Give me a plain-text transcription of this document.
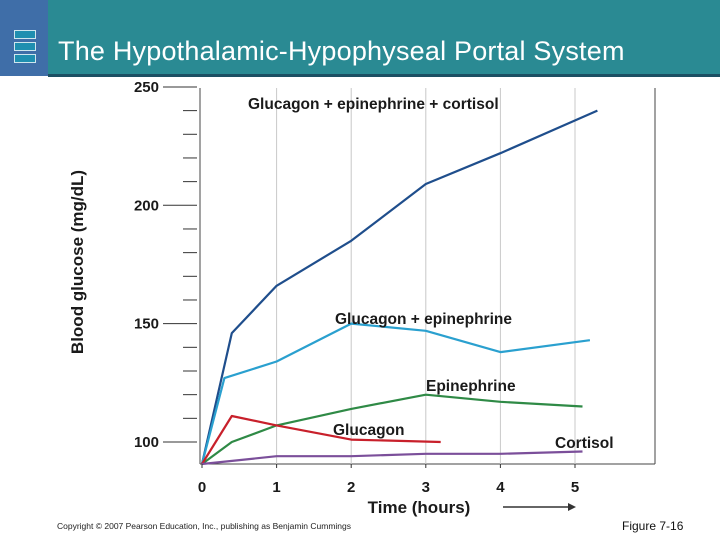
The Hypothalamic-Hypophyseal Portal System
100
150
200
250
0	1	2	3	4	5
Time (hours)
Blood glucose (mg/dL)
Glucagon + epinephrine + cortisol
Glucagon + epinephrine
Epinephrine
Glucagon
Cortisol
Copyright © 2007 Pearson Education, Inc., publishing as Benjamin Cummings	Figure 7-16
